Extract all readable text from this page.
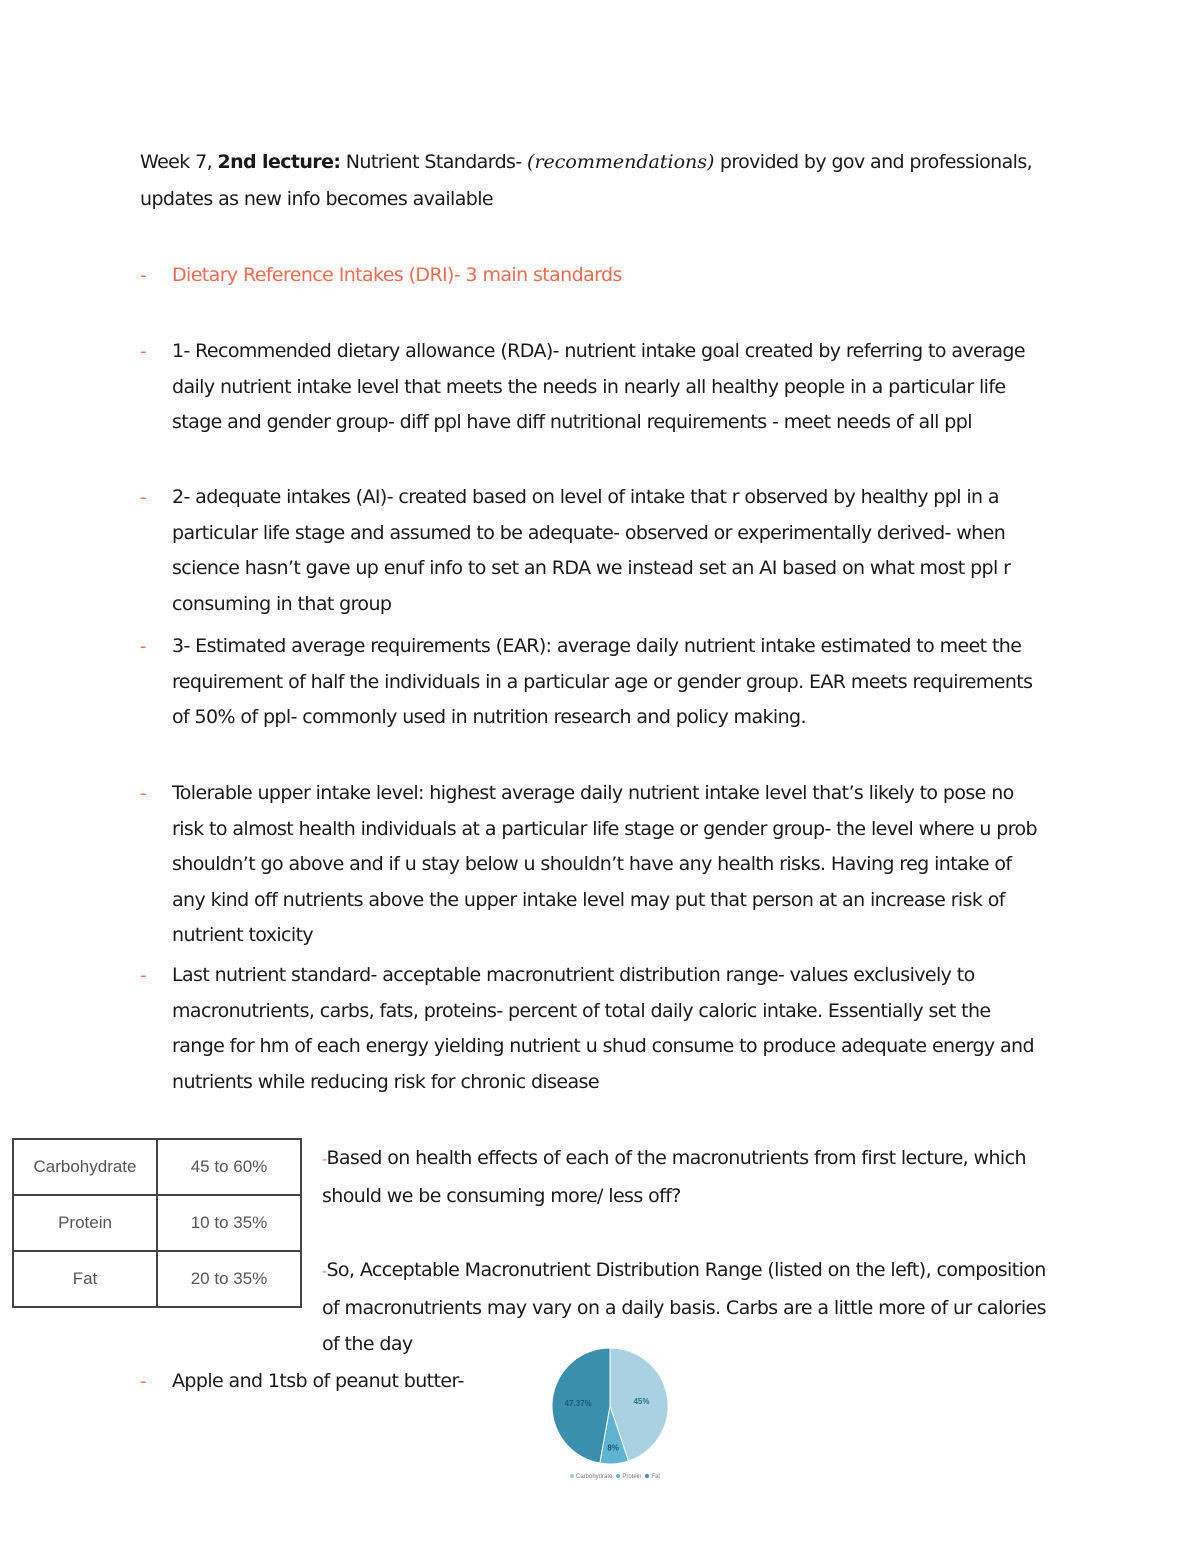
Week 7, 2nd lecture: Nutrient Standards- (recommendations) provided by gov and professionals, updates as new info becomes available
- Dietary Reference Intakes (DRI)- 3 main standards
- 1- Recommended dietary allowance (RDA)- nutrient intake goal created by referring to average daily nutrient intake level that meets the needs in nearly all healthy people in a particular life stage and gender group- diff ppl have diff nutritional requirements - meet needs of all ppl
- 2- adequate intakes (AI)- created based on level of intake that r observed by healthy ppl in a particular life stage and assumed to be adequate- observed or experimentally derived- when science hasn’t gave up enuf info to set an RDA we instead set an AI based on what most ppl r consuming in that group
- 3- Estimated average requirements (EAR): average daily nutrient intake estimated to meet the requirement of half the individuals in a particular age or gender group. EAR meets requirements of 50% of ppl- commonly used in nutrition research and policy making.
- Tolerable upper intake level: highest average daily nutrient intake level that’s likely to pose no risk to almost health individuals at a particular life stage or gender group- the level where u prob shouldn’t go above and if u stay below u shouldn’t have any health risks. Having reg intake of any kind off nutrients above the upper intake level may put that person at an increase risk of nutrient toxicity
- Last nutrient standard- acceptable macronutrient distribution range- values exclusively to macronutrients, carbs, fats, proteins- percent of total daily caloric intake. Essentially set the range for hm of each energy yielding nutrient u shud consume to produce adequate energy and nutrients while reducing risk for chronic disease
Carbohydrate	45 to 60%
Protein	10 to 35%
Fat	20 to 35%
-Based on health effects of each of the macronutrients from first lecture, which should we be consuming more/ less off?
-So, Acceptable Macronutrient Distribution Range (listed on the left), composition of macronutrients may vary on a daily basis. Carbs are a little more of ur calories of the day
- Apple and 1tsb of peanut butter-
45%
8%
47.37%
Carbohydrate Protein Fat
